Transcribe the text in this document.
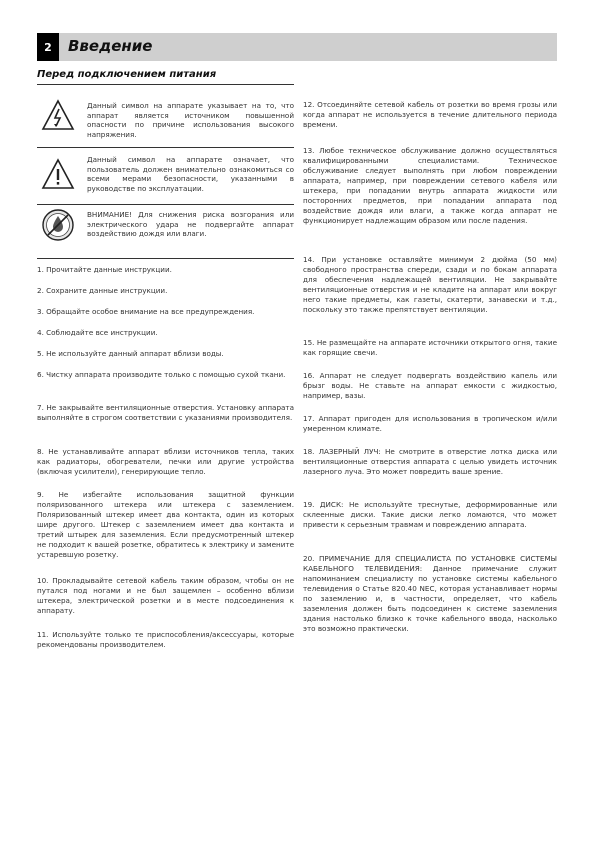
2	Введение
Перед подключением питания
Данный символ на аппарате указывает на то, что аппарат является источником повышенной опасности по причине использования высокого напряжения.
Данный символ на аппарате означает, что пользователь должен внимательно ознакомиться со всеми мерами безопасности, указанными в руководстве по эксплуатации.
ВНИМАНИЕ! Для снижения риска возгорания или электрического удара не подвергайте аппарат воздействию дождя или влаги.
1. Прочитайте данные инструкции.
2. Сохраните данные инструкции.
3. Обращайте особое внимание на все предупреждения.
4. Соблюдайте все инструкции.
5. Не используйте данный аппарат вблизи воды.
6. Чистку аппарата производите только с помощью сухой ткани.
7. Не закрывайте вентиляционные отверстия. Установку аппарата выполняйте в строгом соответствии с указаниями производителя.
8. Не устанавливайте аппарат вблизи источников тепла, таких как радиаторы, обогреватели, печки или другие устройства (включая усилители), генерирующие тепло.
9. Не избегайте использования защитной функции поляризованного штекера или штекера с заземлением. Поляризованный штекер имеет два контакта, один из которых шире другого. Штекер с заземлением имеет два контакта и третий штырек для заземления. Если предусмотренный штекер не подходит к вашей розетке, обратитесь к электрику и замените устаревшую розетку.
10. Прокладывайте сетевой кабель таким образом, чтобы он не путался под ногами и не был защемлен – особенно вблизи штекера, электрической розетки и в месте подсоединения к аппарату.
11. Используйте только те приспособления/аксессуары, которые рекомендованы производителем.
12. Отсоединяйте сетевой кабель от розетки во время грозы или когда аппарат не используется в течение длительного периода времени.
13. Любое техническое обслуживание должно осуществляться квалифицированными специалистами. Техническое обслуживание следует выполнять при любом повреждении аппарата, например, при повреждении сетевого кабеля или штекера, при попадании внутрь аппарата жидкости или посторонних предметов, при попадании аппарата под воздействие дождя или влаги, а также когда аппарат не функционирует надлежащим образом или после падения.
14. При установке оставляйте минимум 2 дюйма (50 мм) свободного пространства спереди, сзади и по бокам аппарата для обеспечения надлежащей вентиляции. Не закрывайте вентиляционные отверстия и не кладите на аппарат или вокруг него такие предметы, как газеты, скатерти, занавески и т.д., поскольку это также препятствует вентиляции.
15. Не размещайте на аппарате источники открытого огня, такие как горящие свечи.
16. Аппарат не следует подвергать воздействию капель или брызг воды. Не ставьте на аппарат емкости с жидкостью, например, вазы.
17. Аппарат пригоден для использования в тропическом и/или умеренном климате.
18. ЛАЗЕРНЫЙ ЛУЧ: Не смотрите в отверстие лотка диска или вентиляционные отверстия аппарата с целью увидеть источник лазерного луча. Это может повредить ваше зрение.
19. ДИСК: Не используйте треснутые, деформированные или склеенные диски. Такие диски легко ломаются, что может привести к серьезным травмам и повреждению аппарата.
20. ПРИМЕЧАНИЕ ДЛЯ СПЕЦИАЛИСТА ПО УСТАНОВКЕ СИСТЕМЫ КАБЕЛЬНОГО ТЕЛЕВИДЕНИЯ: Данное примечание служит напоминанием специалисту по установке системы кабельного телевидения о Статье 820.40 NEC, которая устанавливает нормы по заземлению и, в частности, определяет, что кабель заземления должен быть подсоединен к системе заземления здания настолько близко к точке кабельного ввода, насколько это возможно практически.
